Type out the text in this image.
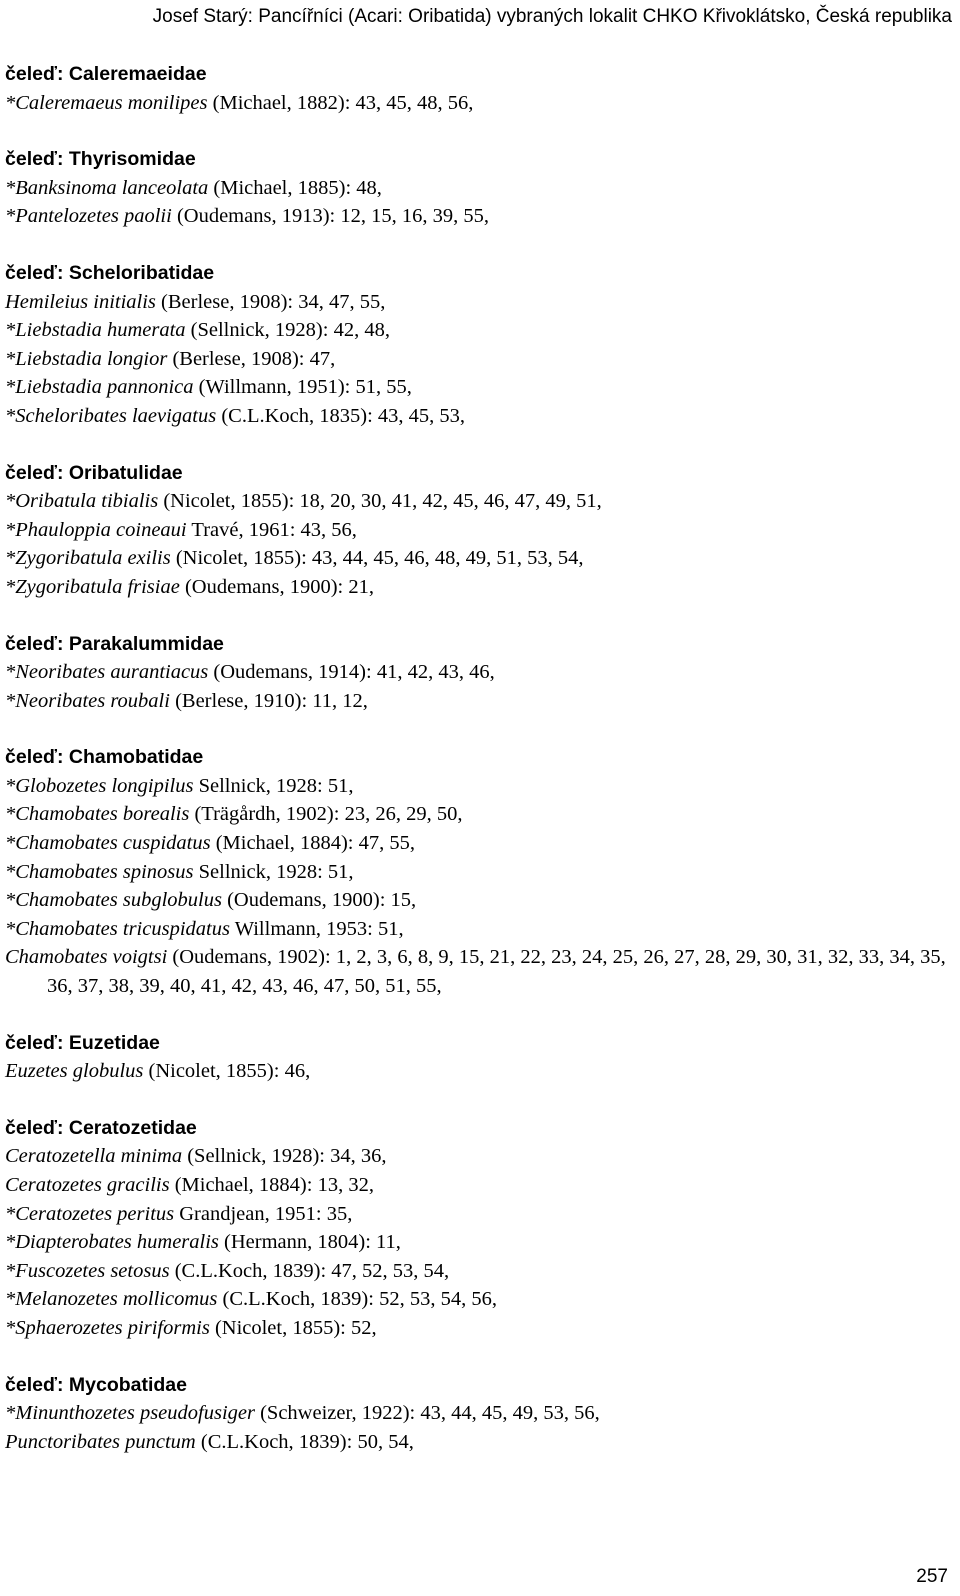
Josef Starý: Pancířníci (Acari: Oribatida) vybraných lokalit CHKO Křivoklátsko, Česká republika
čeleď: Caleremaeidae
*Caleremaeus monilipes (Michael, 1882): 43, 45, 48, 56,
čeleď: Thyrisomidae
*Banksinoma lanceolata (Michael, 1885): 48,
*Pantelozetes paolii (Oudemans, 1913): 12, 15, 16, 39, 55,
čeleď: Scheloribatidae
Hemileius initialis (Berlese, 1908): 34, 47, 55,
*Liebstadia humerata (Sellnick, 1928): 42, 48,
*Liebstadia longior (Berlese, 1908): 47,
*Liebstadia pannonica (Willmann, 1951): 51, 55,
*Scheloribates laevigatus (C.L.Koch, 1835): 43, 45, 53,
čeleď: Oribatulidae
*Oribatula tibialis (Nicolet, 1855): 18, 20, 30, 41, 42, 45, 46, 47, 49, 51,
*Phauloppia coineaui Travé, 1961: 43, 56,
*Zygoribatula exilis (Nicolet, 1855): 43, 44, 45, 46, 48, 49, 51, 53, 54,
*Zygoribatula frisiae (Oudemans, 1900): 21,
čeleď: Parakalummidae
*Neoribates aurantiacus (Oudemans, 1914): 41, 42, 43, 46,
*Neoribates roubali (Berlese, 1910): 11, 12,
čeleď: Chamobatidae
*Globozetes longipilus Sellnick, 1928: 51,
*Chamobates borealis (Trägårdh, 1902): 23, 26, 29, 50,
*Chamobates cuspidatus (Michael, 1884): 47, 55,
*Chamobates spinosus Sellnick, 1928: 51,
*Chamobates subglobulus (Oudemans, 1900): 15,
*Chamobates tricuspidatus Willmann, 1953: 51,
Chamobates voigtsi (Oudemans, 1902): 1, 2, 3, 6, 8, 9, 15, 21, 22, 23, 24, 25, 26, 27, 28, 29, 30, 31, 32, 33, 34, 35, 36, 37, 38, 39, 40, 41, 42, 43, 46, 47, 50, 51, 55,
čeleď: Euzetidae
Euzetes globulus (Nicolet, 1855): 46,
čeleď: Ceratozetidae
Ceratozetella minima (Sellnick, 1928): 34, 36,
Ceratozetes gracilis (Michael, 1884): 13, 32,
*Ceratozetes peritus Grandjean, 1951: 35,
*Diapterobates humeralis (Hermann, 1804): 11,
*Fuscozetes setosus (C.L.Koch, 1839): 47, 52, 53, 54,
*Melanozetes mollicomus (C.L.Koch, 1839): 52, 53, 54, 56,
*Sphaerozetes piriformis (Nicolet, 1855): 52,
čeleď: Mycobatidae
*Minunthozetes pseudofusiger (Schweizer, 1922): 43, 44, 45, 49, 53, 56,
Punctoribates punctum (C.L.Koch, 1839): 50, 54,
257
